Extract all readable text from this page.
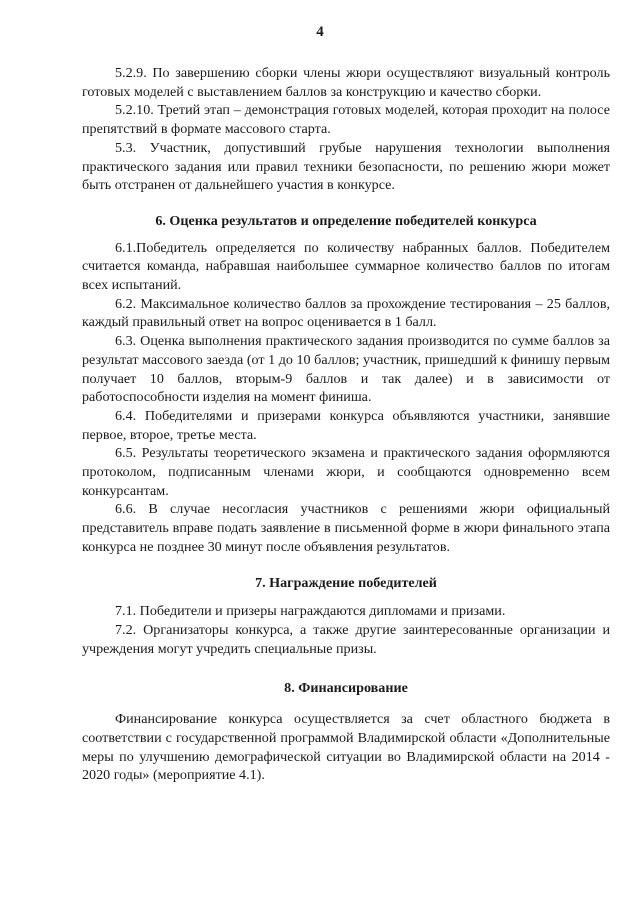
4

5.2.9. По завершению сборки члены жюри осуществляют визуальный контроль готовых моделей с выставлением баллов за конструкцию и качество сборки.

5.2.10. Третий этап – демонстрация готовых моделей, которая проходит на полосе препятствий в формате массового старта.

5.3. Участник, допустивший грубые нарушения технологии выполнения практического задания или правил техники безопасности, по решению жюри может быть отстранен от дальнейшего участия в конкурсе.

6. Оценка результатов и определение победителей конкурса

6.1.Победитель определяется по количеству набранных баллов. Победителем считается команда, набравшая наибольшее суммарное количество баллов по итогам всех испытаний.

6.2. Максимальное количество баллов за прохождение тестирования – 25 баллов, каждый правильный ответ на вопрос оценивается в 1 балл.

6.3. Оценка выполнения практического задания производится по сумме баллов за результат массового заезда (от 1 до 10 баллов; участник, пришедший к финишу первым получает 10 баллов, вторым-9 баллов и так далее) и в зависимости от работоспособности изделия на момент финиша.

6.4. Победителями и призерами конкурса объявляются участники, занявшие первое, второе, третье места.

6.5. Результаты теоретического экзамена и практического задания оформляются протоколом, подписанным членами жюри, и сообщаются одновременно всем конкурсантам.

6.6. В случае несогласия участников с решениями жюри официальный представитель вправе подать заявление в письменной форме в жюри финального этапа конкурса не позднее 30 минут после объявления результатов.

7. Награждение победителей

7.1. Победители и призеры награждаются дипломами и призами.

7.2. Организаторы конкурса, а также другие заинтересованные организации и учреждения могут учредить специальные призы.

8. Финансирование

Финансирование конкурса осуществляется за счет областного бюджета в соответствии с государственной программой Владимирской области «Дополнительные меры по улучшению демографической ситуации во Владимирской области на 2014 - 2020 годы» (мероприятие 4.1).
